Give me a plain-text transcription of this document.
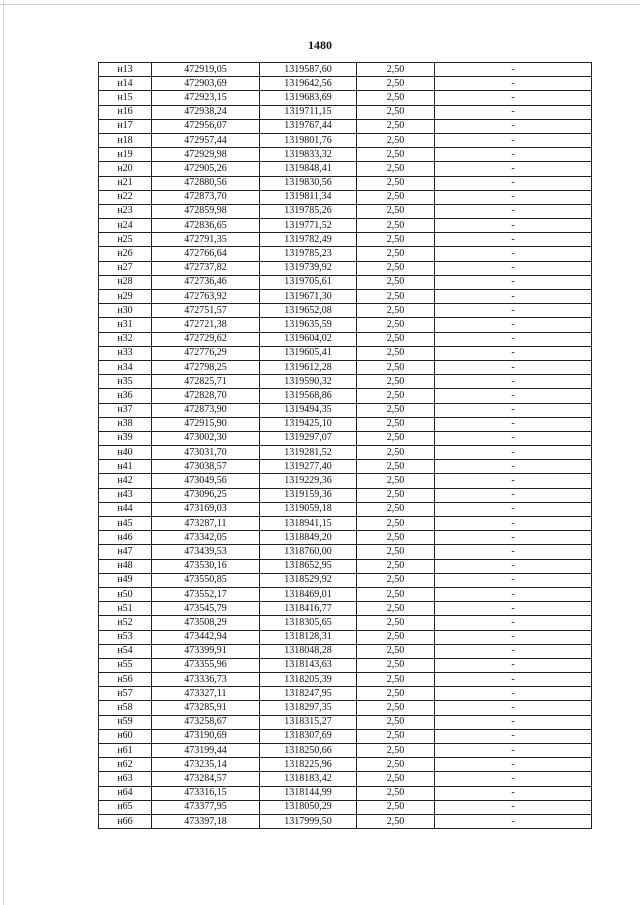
1480
н13	472919,05	1319587,60	2,50	-
н14	472903,69	1319642,56	2,50	-
н15	472923,15	1319683,69	2,50	-
н16	472938,24	1319711,15	2,50	-
н17	472956,07	1319767,44	2,50	-
н18	472957,44	1319801,76	2,50	-
н19	472929,98	1319833,32	2,50	-
н20	472905,26	1319848,41	2,50	-
н21	472880,56	1319830,56	2,50	-
н22	472873,70	1319811,34	2,50	-
н23	472859,98	1319785,26	2,50	-
н24	472836,65	1319771,52	2,50	-
н25	472791,35	1319782,49	2,50	-
н26	472766,64	1319785,23	2,50	-
н27	472737,82	1319739,92	2,50	-
н28	472736,46	1319705,61	2,50	-
н29	472763,92	1319671,30	2,50	-
н30	472751,57	1319652,08	2,50	-
н31	472721,38	1319635,59	2,50	-
н32	472729,62	1319604,02	2,50	-
н33	472776,29	1319605,41	2,50	-
н34	472798,25	1319612,28	2,50	-
н35	472825,71	1319590,32	2,50	-
н36	472828,70	1319568,86	2,50	-
н37	472873,90	1319494,35	2,50	-
н38	472915,90	1319425,10	2,50	-
н39	473002,30	1319297,07	2,50	-
н40	473031,70	1319281,52	2,50	-
н41	473038,57	1319277,40	2,50	-
н42	473049,56	1319229,36	2,50	-
н43	473096,25	1319159,36	2,50	-
н44	473169,03	1319059,18	2,50	-
н45	473287,11	1318941,15	2,50	-
н46	473342,05	1318849,20	2,50	-
н47	473439,53	1318760,00	2,50	-
н48	473530,16	1318652,95	2,50	-
н49	473550,85	1318529,92	2,50	-
н50	473552,17	1318469,01	2,50	-
н51	473545,79	1318416,77	2,50	-
н52	473508,29	1318305,65	2,50	-
н53	473442,94	1318128,31	2,50	-
н54	473399,91	1318048,28	2,50	-
н55	473355,96	1318143,63	2,50	-
н56	473336,73	1318205,39	2,50	-
н57	473327,11	1318247,95	2,50	-
н58	473285,91	1318297,35	2,50	-
н59	473258,67	1318315,27	2,50	-
н60	473190,69	1318307,69	2,50	-
н61	473199,44	1318250,66	2,50	-
н62	473235,14	1318225,96	2,50	-
н63	473284,57	1318183,42	2,50	-
н64	473316,15	1318144,99	2,50	-
н65	473377,95	1318050,29	2,50	-
н66	473397,18	1317999,50	2,50	-
